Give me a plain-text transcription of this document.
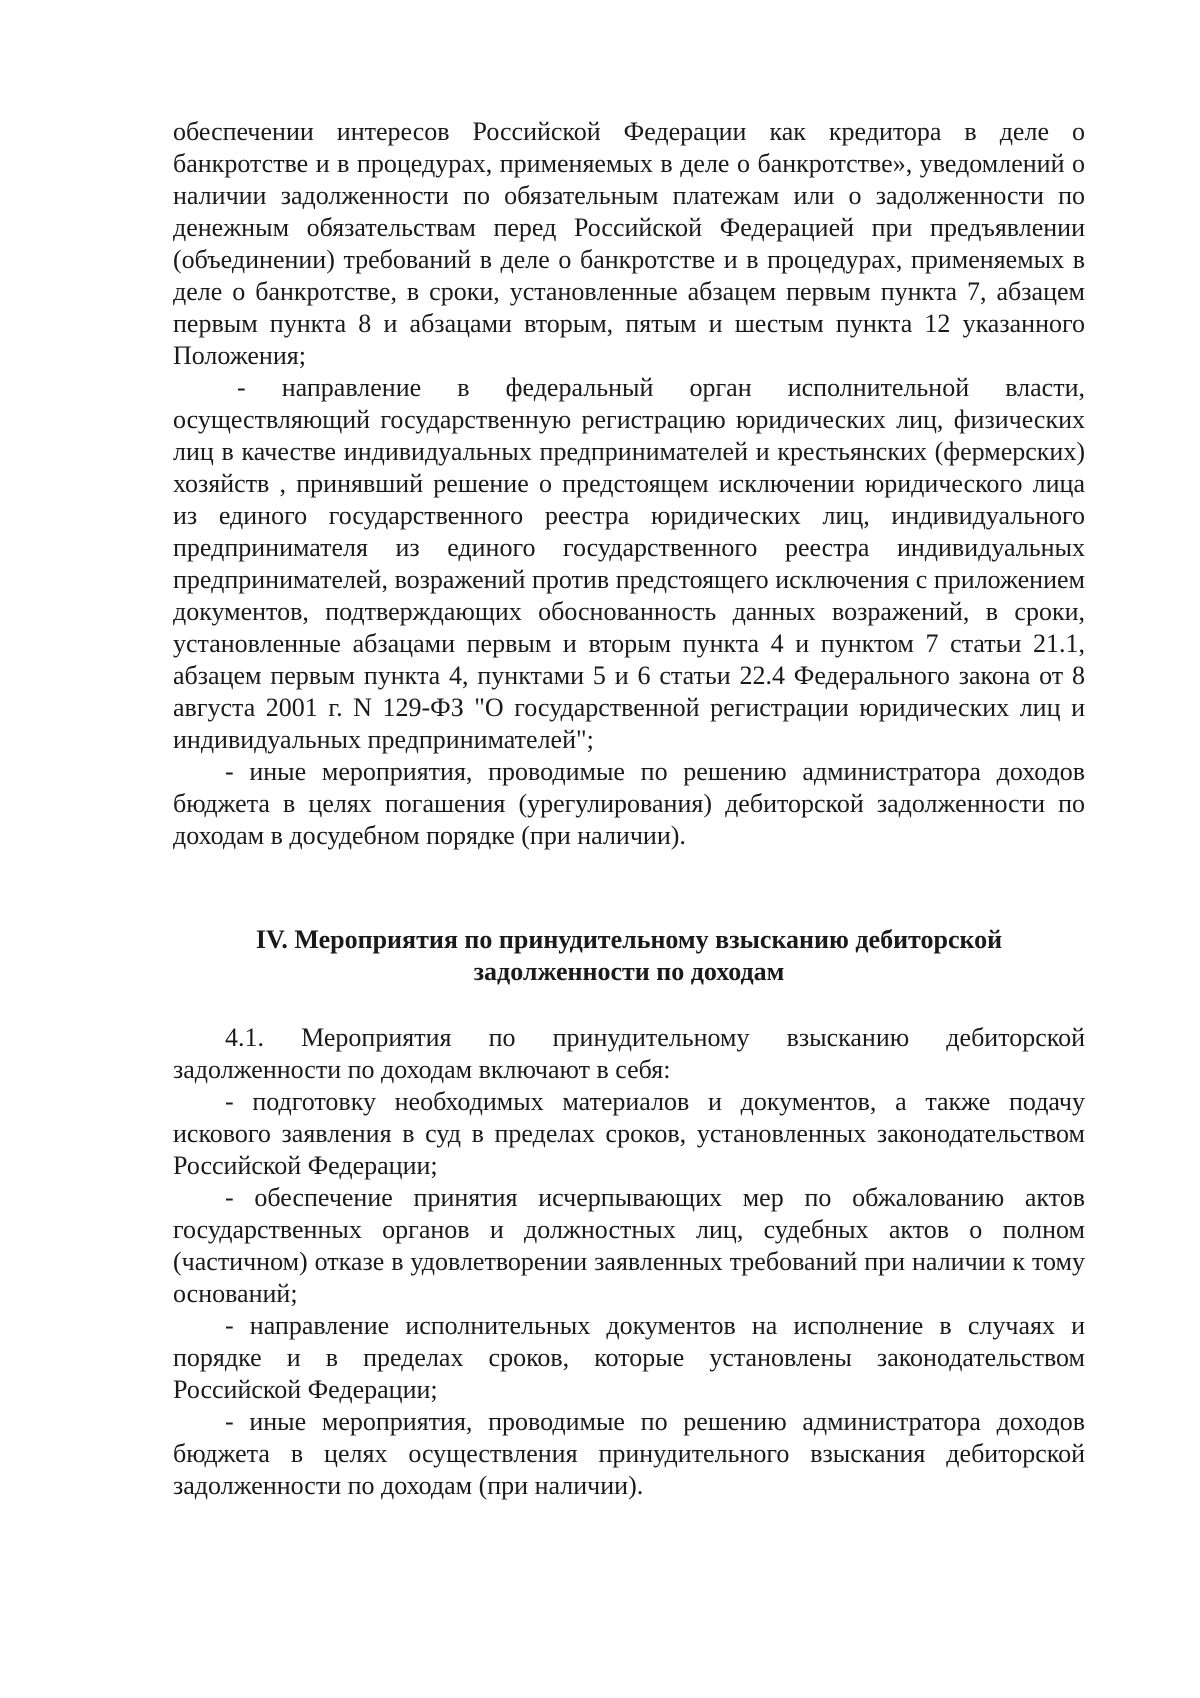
обеспечении интересов Российской Федерации как кредитора в деле о банкротстве и в процедурах, применяемых в деле о банкротстве», уведомлений о наличии задолженности по обязательным платежам или о задолженности по денежным обязательствам перед Российской Федерацией при предъявлении (объединении) требований в деле о банкротстве и в процедурах, применяемых в деле о банкротстве, в сроки, установленные абзацем первым пункта 7, абзацем первым пункта 8 и абзацами вторым, пятым и шестым пункта 12 указанного Положения;

- направление в федеральный орган исполнительной власти, осуществляющий государственную регистрацию юридических лиц, физических лиц в качестве индивидуальных предпринимателей и крестьянских (фермерских) хозяйств , принявший решение о предстоящем исключении юридического лица из единого государственного реестра юридических лиц, индивидуального предпринимателя из единого государственного реестра индивидуальных предпринимателей, возражений против предстоящего исключения с приложением документов, подтверждающих обоснованность данных возражений, в сроки, установленные абзацами первым и вторым пункта 4 и пунктом 7 статьи 21.1, абзацем первым пункта 4, пунктами 5 и 6 статьи 22.4 Федерального закона от 8 августа 2001 г. N 129-ФЗ "О государственной регистрации юридических лиц и индивидуальных предпринимателей";

- иные мероприятия, проводимые по решению администратора доходов бюджета в целях погашения (урегулирования) дебиторской задолженности по доходам в досудебном порядке (при наличии).

IV. Мероприятия по принудительному взысканию дебиторской
задолженности по доходам

4.1. Мероприятия по принудительному взысканию дебиторской задолженности по доходам включают в себя:

- подготовку необходимых материалов и документов, а также подачу искового заявления в суд в пределах сроков, установленных законодательством Российской Федерации;

- обеспечение принятия исчерпывающих мер по обжалованию актов государственных органов и должностных лиц, судебных актов о полном (частичном) отказе в удовлетворении заявленных требований при наличии к тому оснований;

- направление исполнительных документов на исполнение в случаях и порядке и в пределах сроков, которые установлены законодательством Российской Федерации;

- иные мероприятия, проводимые по решению администратора доходов бюджета в целях осуществления принудительного взыскания дебиторской задолженности по доходам (при наличии).
